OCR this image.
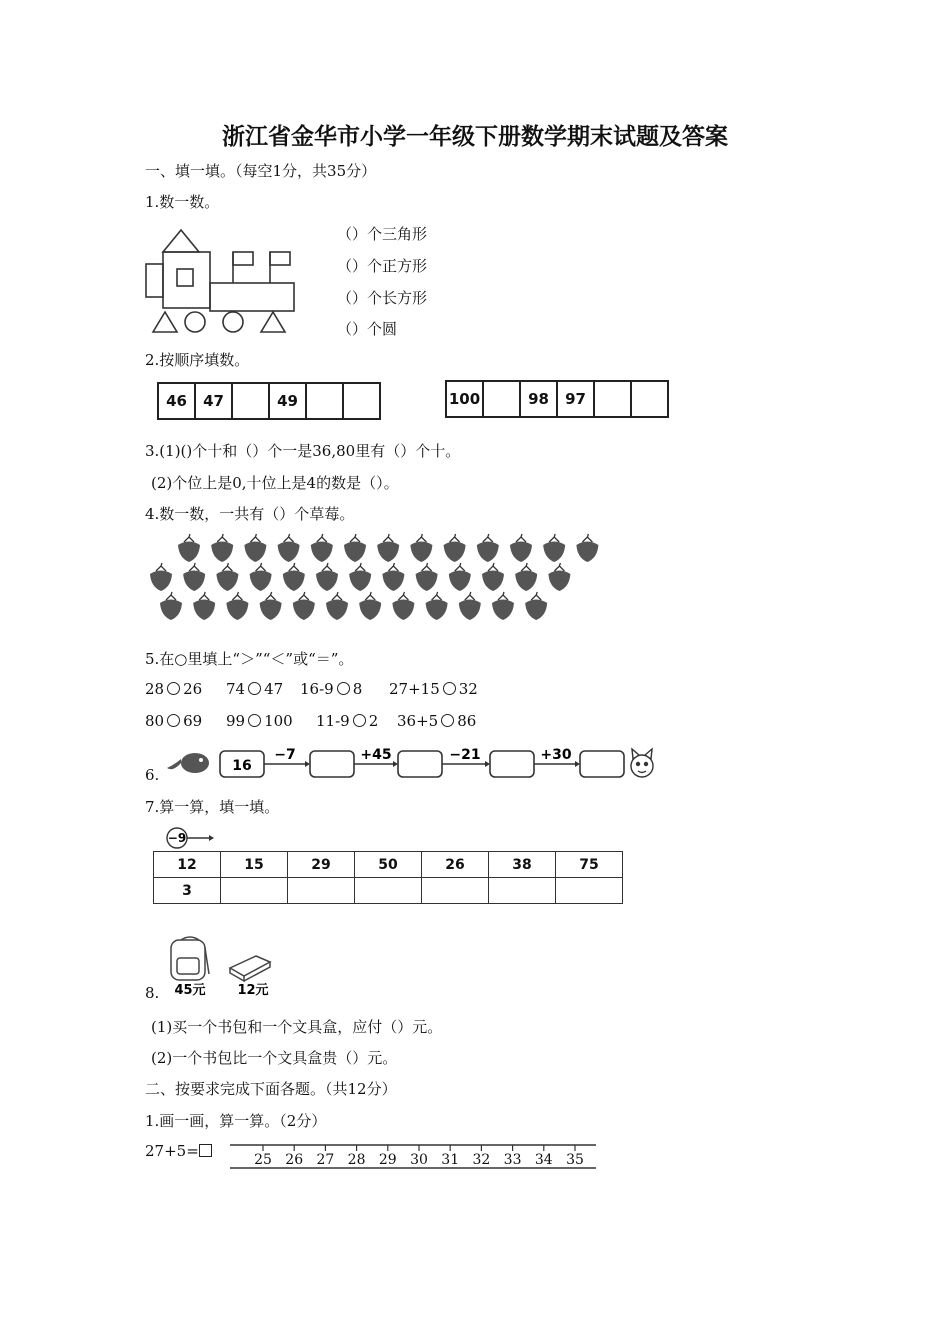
浙江省金华市小学一年级下册数学期末试题及答案
一、填一填。（每空1分，共35分）
1.数一数。
（）个三角形
（）个正方形
（）个长方形
（）个圆
2.按顺序填数。
46	47	49	100	98	97
3.(1)()个十和（）个一是36,80里有（）个十。
(2)个位上是0,十位上是4的数是（）。
4.数一数，一共有（）个草莓。
5.在○里填上“＞”“＜”或“＝”。
28 26 74 47 16-9 8 27+15 32
80 69 99 100 11-9 2 36+5 86
6.	16
−7	+45	−21	+30
7.算一算，填一填。
−9
12	15	29	50	26	38	75
3						
8. 45元 12元
(1)买一个书包和一个文具盒，应付（）元。
(2)一个书包比一个文具盒贵（）元。
二、按要求完成下面各题。（共12分）
1.画一画，算一算。（2分）
27+5=	25 26 27 28 29 30 31 32 33 34 35
